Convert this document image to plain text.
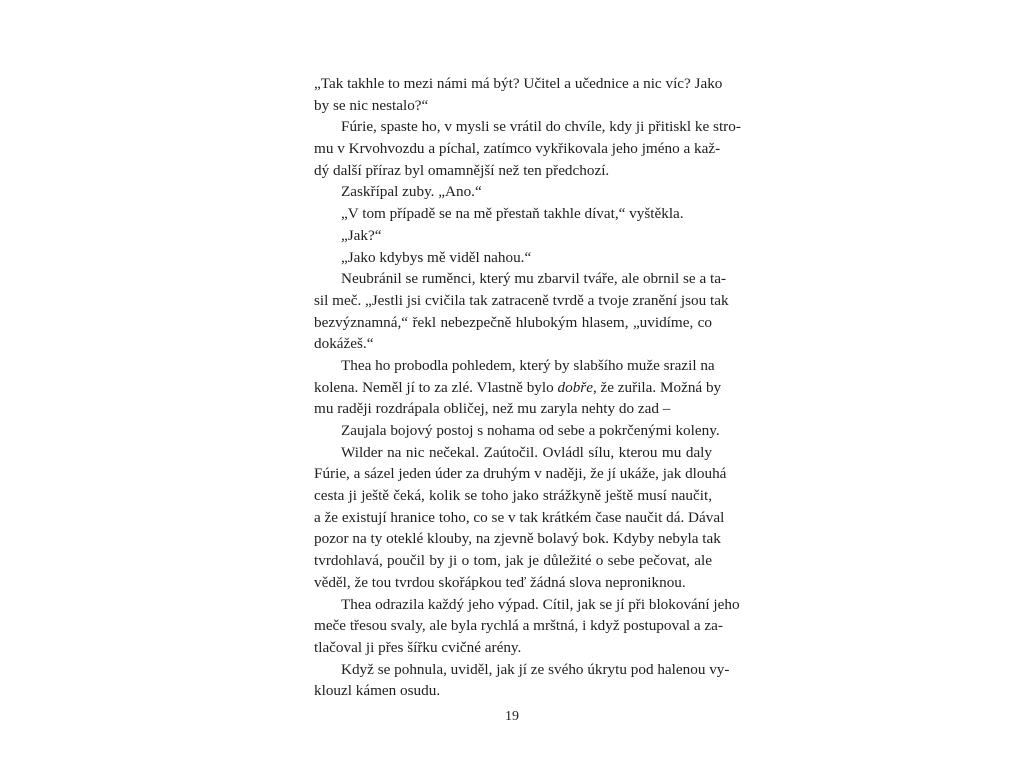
„Tak takhle to mezi námi má být? Učitel a učednice a nic víc? Jako
by se nic nestalo?“
Fúrie, spaste ho, v mysli se vrátil do chvíle, kdy ji přitiskl ke stro-
mu v Krvohvozdu a píchal, zatímco vykřikovala jeho jméno a kaž-
dý další příraz byl omamnější než ten předchozí.
Zaskřípal zuby. „Ano.“
„V tom případě se na mě přestaň takhle dívat,“ vyštěkla.
„Jak?“
„Jako kdybys mě viděl nahou.“
Neubránil se ruměnci, který mu zbarvil tváře, ale obrnil se a ta-
sil meč. „Jestli jsi cvičila tak zatraceně tvrdě a tvoje zranění jsou tak
bezvýznamná,“ řekl nebezpečně hlubokým hlasem, „uvidíme, co
dokážeš.“
Thea ho probodla pohledem, který by slabšího muže srazil na
kolena. Neměl jí to za zlé. Vlastně bylo dobře, že zuřila. Možná by
mu raději rozdrápala obličej, než mu zaryla nehty do zad –
Zaujala bojový postoj s nohama od sebe a pokrčenými koleny.
Wilder na nic nečekal. Zaútočil. Ovládl sílu, kterou mu daly
Fúrie, a sázel jeden úder za druhým v naději, že jí ukáže, jak dlouhá
cesta ji ještě čeká, kolik se toho jako strážkyně ještě musí naučit,
a že existují hranice toho, co se v tak krátkém čase naučit dá. Dával
pozor na ty oteklé klouby, na zjevně bolavý bok. Kdyby nebyla tak
tvrdohlavá, poučil by ji o tom, jak je důležité o sebe pečovat, ale
věděl, že tou tvrdou skořápkou teď žádná slova neproniknou.
Thea odrazila každý jeho výpad. Cítil, jak se jí při blokování jeho
meče třesou svaly, ale byla rychlá a mrštná, i když postupoval a za-
tlačoval ji přes šířku cvičné arény.
Když se pohnula, uviděl, jak jí ze svého úkrytu pod halenou vy-
klouzl kámen osudu.
19
